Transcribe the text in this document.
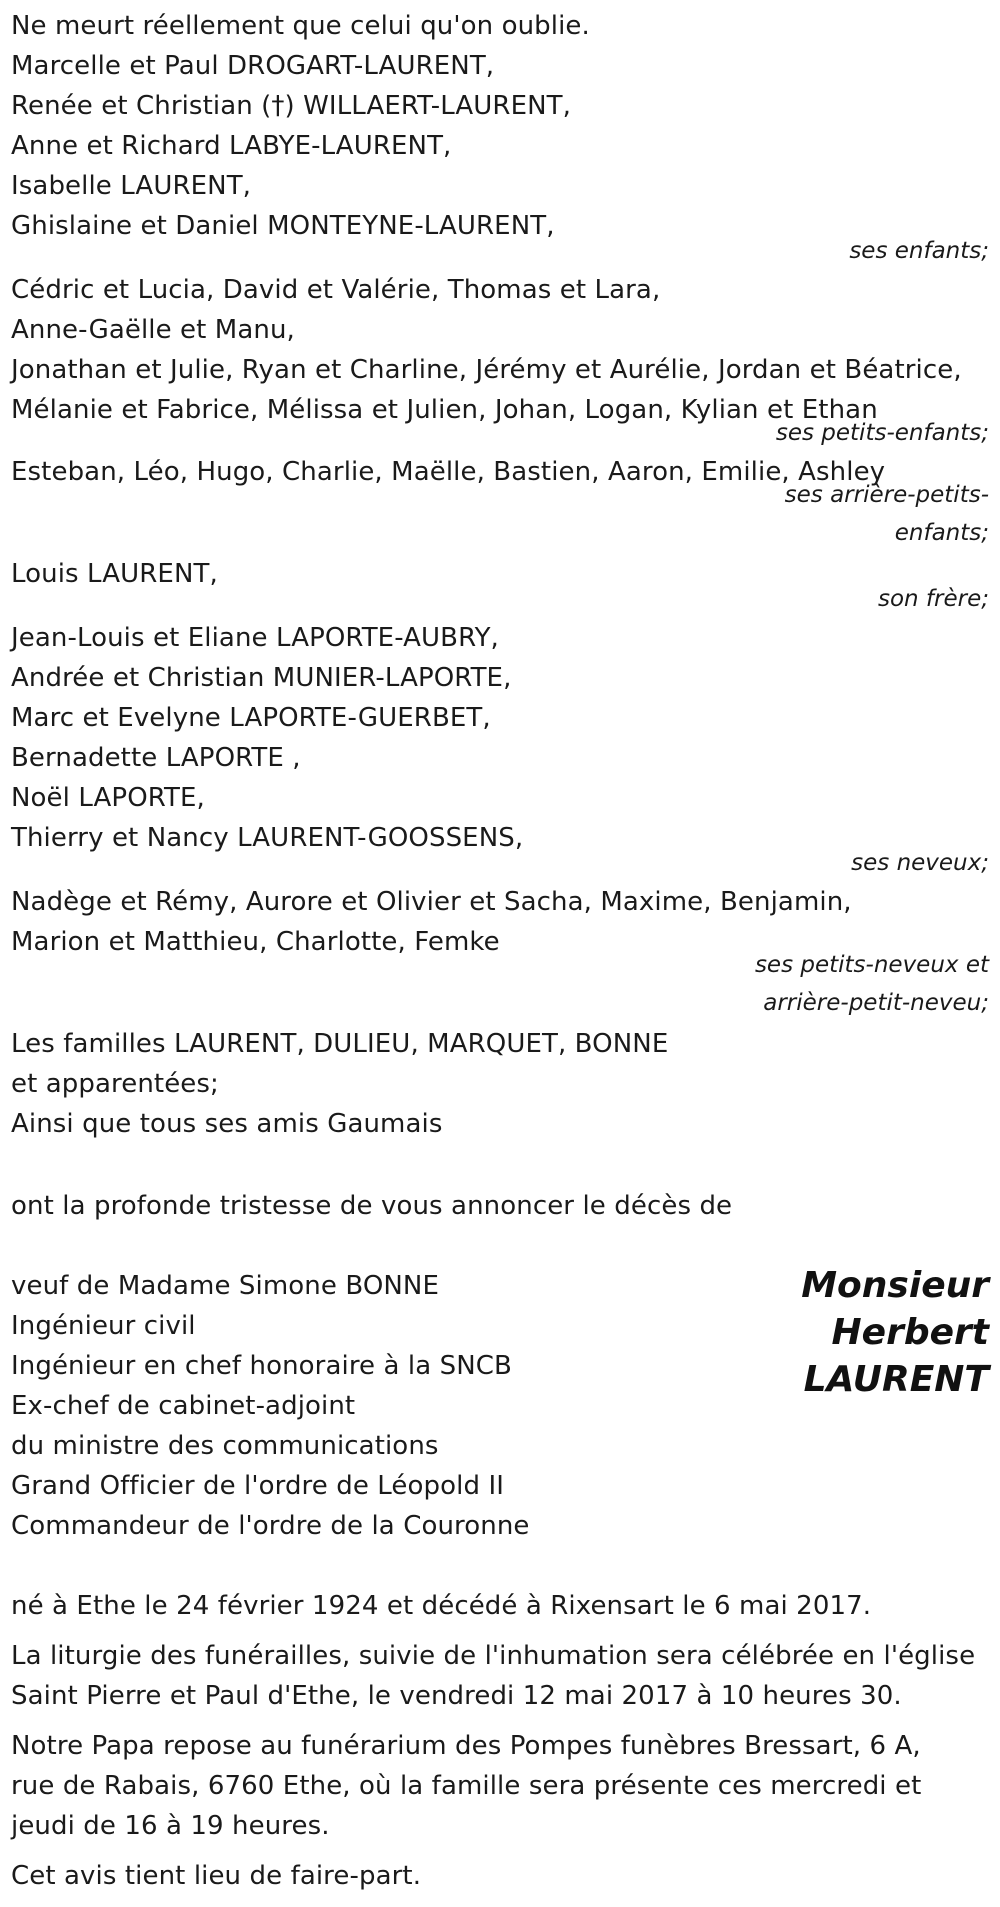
Ne meurt réellement que celui qu'on oublie.
Marcelle et Paul DROGART-LAURENT,
Renée et Christian (†) WILLAERT-LAURENT,
Anne et Richard LABYE-LAURENT,
Isabelle LAURENT,
Ghislaine et Daniel MONTEYNE-LAURENT,
ses enfants;
Cédric et Lucia, David et Valérie, Thomas et Lara,
Anne-Gaëlle et Manu,
Jonathan et Julie, Ryan et Charline, Jérémy et Aurélie, Jordan et Béatrice,
Mélanie et Fabrice, Mélissa et Julien, Johan, Logan, Kylian et Ethan
ses petits-enfants;
Esteban, Léo, Hugo, Charlie, Maëlle, Bastien, Aaron, Emilie, Ashley
ses arrière-petits-
enfants;
Louis LAURENT,
son frère;
Jean-Louis et Eliane LAPORTE-AUBRY,
Andrée et Christian MUNIER-LAPORTE,
Marc et Evelyne LAPORTE-GUERBET,
Bernadette LAPORTE ,
Noël LAPORTE,
Thierry et Nancy LAURENT-GOOSSENS,
ses neveux;
Nadège et Rémy, Aurore et Olivier et Sacha, Maxime, Benjamin,
Marion et Matthieu, Charlotte, Femke
ses petits-neveux et
arrière-petit-neveu;
Les familles LAURENT, DULIEU, MARQUET, BONNE
et apparentées;
Ainsi que tous ses amis Gaumais
ont la profonde tristesse de vous annoncer le décès de
veuf de Madame Simone BONNE
Ingénieur civil
Ingénieur en chef honoraire à la SNCB
Ex-chef de cabinet-adjoint
du ministre des communications
Grand Officier de l'ordre de Léopold II
Commandeur de l'ordre de la Couronne
Monsieur
Herbert
LAURENT
né à Ethe le 24 février 1924 et décédé à Rixensart le 6 mai 2017.
La liturgie des funérailles, suivie de l'inhumation sera célébrée en l'église
Saint Pierre et Paul d'Ethe, le vendredi 12 mai 2017 à 10 heures 30.
Notre Papa repose au funérarium des Pompes funèbres Bressart, 6 A,
rue de Rabais, 6760 Ethe, où la famille sera présente ces mercredi et
jeudi de 16 à 19 heures.
Cet avis tient lieu de faire-part.
